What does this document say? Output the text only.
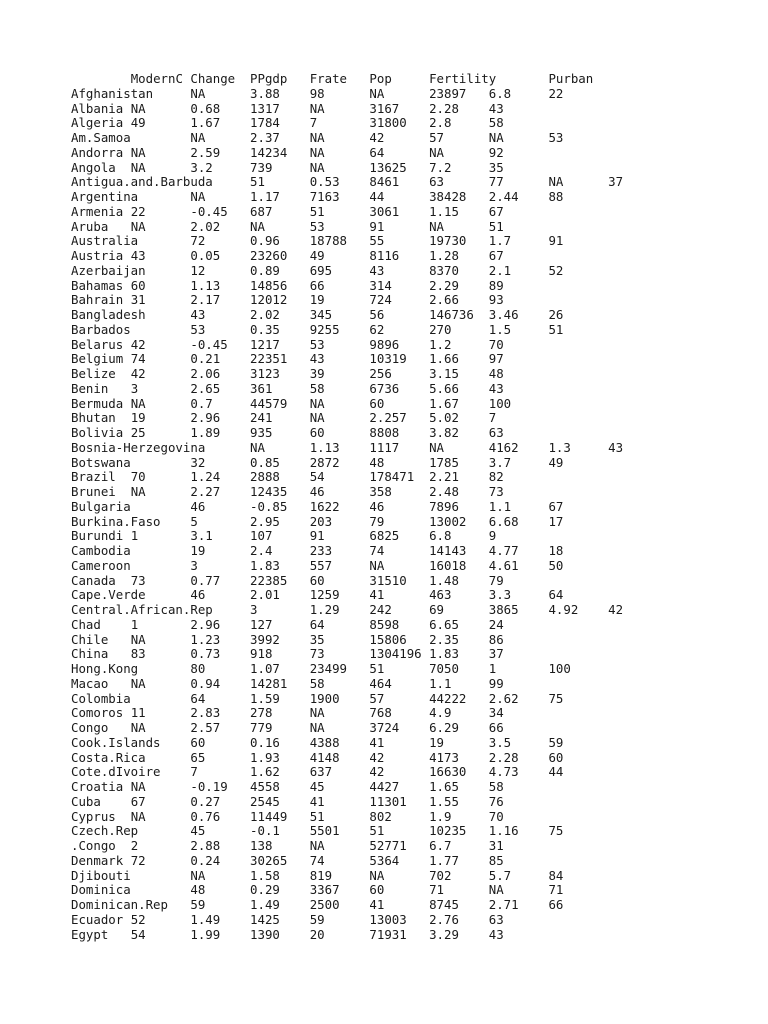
	ModernC	Change	PPgdp	Frate	Pop	Fertility	Purban
Afghanistan	NA	3.88	98	NA	23897	6.8	22
Albania	NA	0.68	1317	NA	3167	2.28	43
Algeria	49	1.67	1784	7	31800	2.8	58
Am.Samoa	NA	2.37	NA	42	57	NA	53
Andorra	NA	2.59	14234	NA	64	NA	92
Angola	NA	3.2	739	NA	13625	7.2	35
Antigua.and.Barbuda	51	0.53	8461	63	77	NA	37
Argentina	NA	1.17	7163	44	38428	2.44	88
Armenia	22	-0.45	687	51	3061	1.15	67
Aruba	NA	2.02	NA	53	91	NA	51
Australia	72	0.96	18788	55	19730	1.7	91
Austria	43	0.05	23260	49	8116	1.28	67
Azerbaijan	12	0.89	695	43	8370	2.1	52
Bahamas	60	1.13	14856	66	314	2.29	89
Bahrain	31	2.17	12012	19	724	2.66	93
Bangladesh	43	2.02	345	56	146736	3.46	26
Barbados	53	0.35	9255	62	270	1.5	51
Belarus	42	-0.45	1217	53	9896	1.2	70
Belgium	74	0.21	22351	43	10319	1.66	97
Belize	42	2.06	3123	39	256	3.15	48
Benin	3	2.65	361	58	6736	5.66	43
Bermuda	NA	0.7	44579	NA	60	1.67	100
Bhutan	19	2.96	241	NA	2.257	5.02	7
Bolivia	25	1.89	935	60	8808	3.82	63
Bosnia-Herzegovina	NA	1.13	1117	NA	4162	1.3	43
Botswana	32	0.85	2872	48	1785	3.7	49
Brazil	70	1.24	2888	54	178471	2.21	82
Brunei	NA	2.27	12435	46	358	2.48	73
Bulgaria	46	-0.85	1622	46	7896	1.1	67
Burkina.Faso	5	2.95	203	79	13002	6.68	17
Burundi	1	3.1	107	91	6825	6.8	9
Cambodia	19	2.4	233	74	14143	4.77	18
Cameroon	3	1.83	557	NA	16018	4.61	50
Canada	73	0.77	22385	60	31510	1.48	79
Cape.Verde	46	2.01	1259	41	463	3.3	64
Central.African.Rep	3	1.29	242	69	3865	4.92	42
Chad	1	2.96	127	64	8598	6.65	24
Chile	NA	1.23	3992	35	15806	2.35	86
China	83	0.73	918	73	1304196	1.83	37
Hong.Kong	80	1.07	23499	51	7050	1	100
Macao	NA	0.94	14281	58	464	1.1	99
Colombia	64	1.59	1900	57	44222	2.62	75
Comoros	11	2.83	278	NA	768	4.9	34
Congo	NA	2.57	779	NA	3724	6.29	66
Cook.Islands	60	0.16	4388	41	19	3.5	59
Costa.Rica	65	1.93	4148	42	4173	2.28	60
Cote.dIvoire	7	1.62	637	42	16630	4.73	44
Croatia	NA	-0.19	4558	45	4427	1.65	58
Cuba	67	0.27	2545	41	11301	1.55	76
Cyprus	NA	0.76	11449	51	802	1.9	70
Czech.Rep	45	-0.1	5501	51	10235	1.16	75
.Congo	2	2.88	138	NA	52771	6.7	31
Denmark	72	0.24	30265	74	5364	1.77	85
Djibouti	NA	1.58	819	NA	702	5.7	84
Dominica	48	0.29	3367	60	71	NA	71
Dominican.Rep	59	1.49	2500	41	8745	2.71	66
Ecuador	52	1.49	1425	59	13003	2.76	63
Egypt	54	1.99	1390	20	71931	3.29	43
